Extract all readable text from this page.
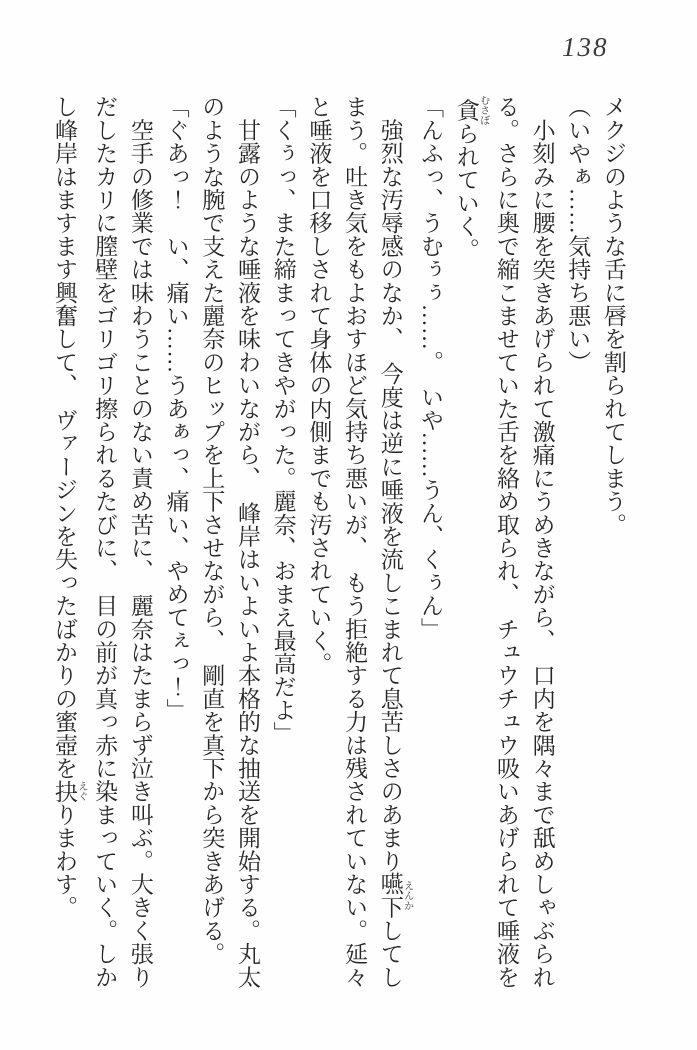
138
メクジのような舌に唇を割られてしまう。
（いやぁ……気持ち悪い）
　小刻みに腰を突きあげられて激痛にうめきながら、　口内を隅々まで舐めしゃぶられ
る。さらに奥で縮こませていた舌を絡め取られ、　チュウチュウ吸いあげられて唾液を
貪 むさぼられていく。
「んふっ、うむぅぅ……。　いや……うん、くぅん」
　強烈な汚辱感のなか、　今度は逆に唾液を流しこまれて息苦しさのあまり嚥下 えんかしてし
まう。吐き気をもよおすほど気持ち悪いが、　もう拒絶する力は残されていない。延々
と唾液を口移しされて身体の内側までも汚されていく。
「くぅっ、また締まってきやがった。麗奈、おまえ最高だよ」
　甘露のような唾液を味わいながら、　峰岸はいよいよ本格的な抽送を開始する。丸太
のような腕で支えた麗奈のヒップを上下させながら、　剛直を真下から突きあげる。
「ぐあっ！　い、痛い……うあぁっ、痛い、やめてぇっ！」
　空手の修業では味わうことのない責め苦に、　麗奈はたまらず泣き叫ぶ。大きく張り
だしたカリに膣壁をゴリゴリ擦られるたびに、　目の前が真っ赤に染まっていく。しか
し峰岸はますます興奮して、　ヴァージンを失ったばかりの蜜壺を抉 えぐりまわす。
